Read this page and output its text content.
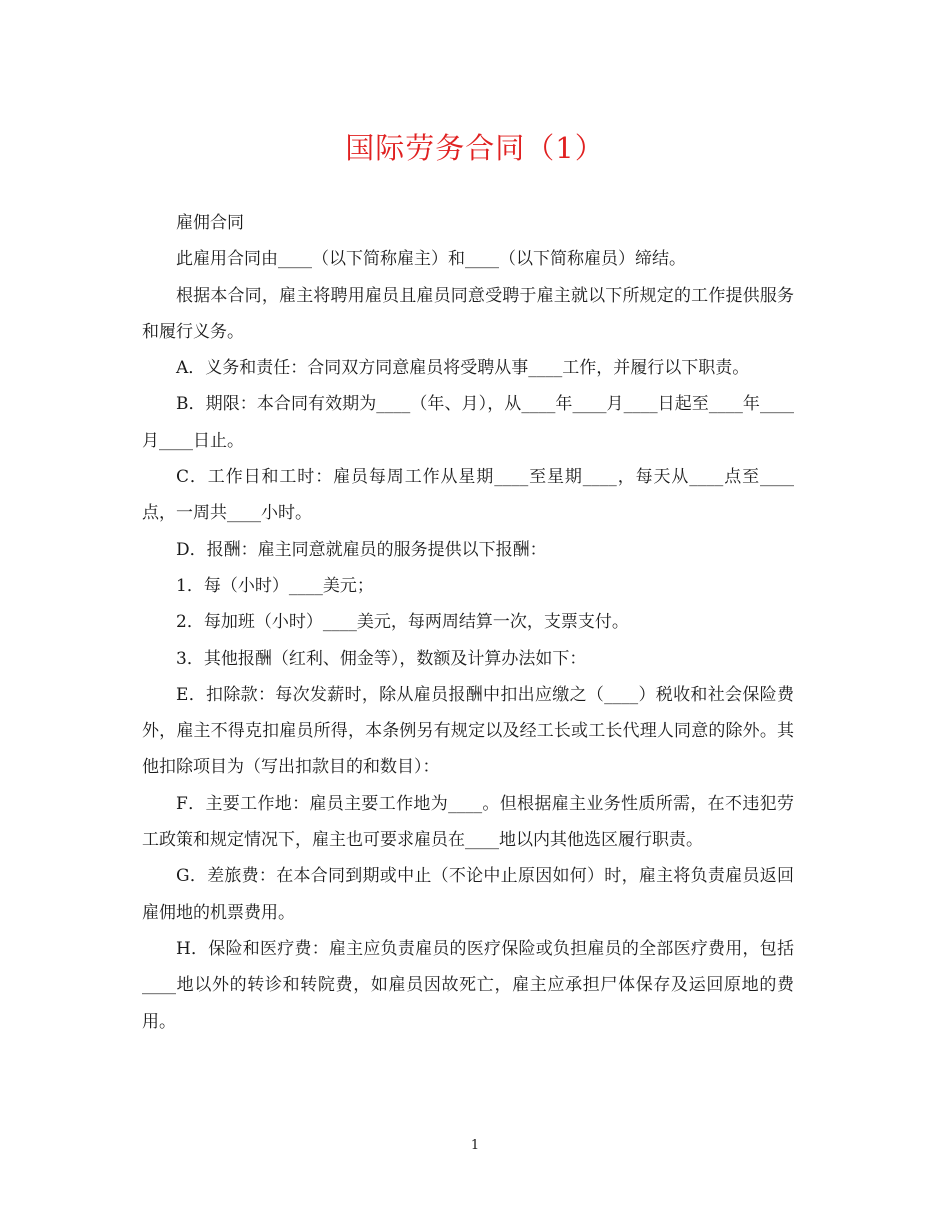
国际劳务合同（1）

雇佣合同

此雇用合同由____（以下简称雇主）和____（以下简称雇员）缔结。

根据本合同，雇主将聘用雇员且雇员同意受聘于雇主就以下所规定的工作提供服务和履行义务。

A．义务和责任：合同双方同意雇员将受聘从事____工作，并履行以下职责。

B．期限：本合同有效期为____（年、月），从____年____月____日起至____年____月____日止。

C．工作日和工时：雇员每周工作从星期____至星期____，每天从____点至____点，一周共____小时。

D．报酬：雇主同意就雇员的服务提供以下报酬：

1．每（小时）____美元；

2．每加班（小时）____美元，每两周结算一次，支票支付。

3．其他报酬（红利、佣金等），数额及计算办法如下：

E．扣除款：每次发薪时，除从雇员报酬中扣出应缴之（____）税收和社会保险费外，雇主不得克扣雇员所得，本条例另有规定以及经工长或工长代理人同意的除外。其他扣除项目为（写出扣款目的和数目）：

F．主要工作地：雇员主要工作地为____。但根据雇主业务性质所需，在不违犯劳工政策和规定情况下，雇主也可要求雇员在____地以内其他选区履行职责。

G．差旅费：在本合同到期或中止（不论中止原因如何）时，雇主将负责雇员返回雇佣地的机票费用。

H．保险和医疗费：雇主应负责雇员的医疗保险或负担雇员的全部医疗费用，包括____地以外的转诊和转院费，如雇员因故死亡，雇主应承担尸体保存及运回原地的费用。

1
